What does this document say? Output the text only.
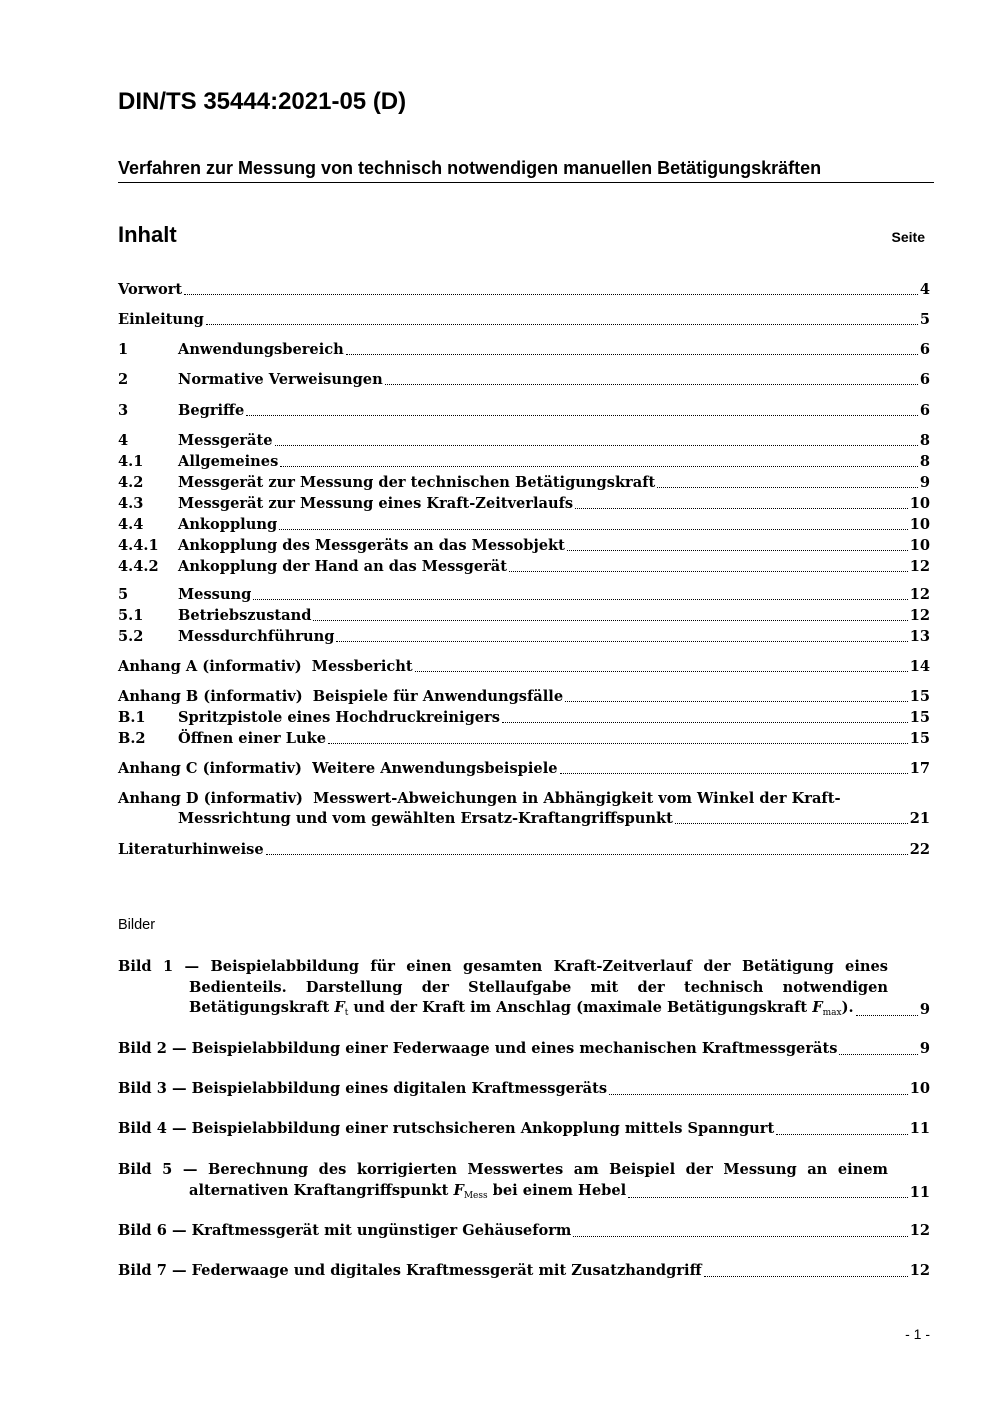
DIN/TS 35444:2021-05 (D)
Verfahren zur Messung von technisch notwendigen manuellen Betätigungskräften
Inhalt	Seite
Vorwort	4
Einleitung	5
1	Anwendungsbereich	6
2	Normative Verweisungen	6
3	Begriffe	6
4	Messgeräte	8
4.1	Allgemeines	8
4.2	Messgerät zur Messung der technischen Betätigungskraft	9
4.3	Messgerät zur Messung eines Kraft-Zeitverlaufs	10
4.4	Ankopplung	10
4.4.1	Ankopplung des Messgeräts an das Messobjekt	10
4.4.2	Ankopplung der Hand an das Messgerät	12
5	Messung	12
5.1	Betriebszustand	12
5.2	Messdurchführung	13
Anhang A (informativ)  Messbericht	14
Anhang B (informativ)  Beispiele für Anwendungsfälle	15
B.1	Spritzpistole eines Hochdruckreinigers	15
B.2	Öffnen einer Luke	15
Anhang C (informativ)  Weitere Anwendungsbeispiele	17
Anhang D (informativ)  Messwert-Abweichungen in Abhängigkeit vom Winkel der Kraft-
Messrichtung und vom gewählten Ersatz-Kraftangriffspunkt	21
Literaturhinweise	22
Bilder
Bild 1 — Beispielabbildung für einen gesamten Kraft-Zeitverlauf der Betätigung eines
Bedienteils. Darstellung der Stellaufgabe mit der technisch notwendigen
Betätigungskraft $F_t$ und der Kraft im Anschlag (maximale Betätigungskraft $F_{max}$).	9
Bild 2 — Beispielabbildung einer Federwaage und eines mechanischen Kraftmessgeräts	9
Bild 3 — Beispielabbildung eines digitalen Kraftmessgeräts	10
Bild 4 — Beispielabbildung einer rutschsicheren Ankopplung mittels Spanngurt	11
Bild 5 — Berechnung des korrigierten Messwertes am Beispiel der Messung an einem
alternativen Kraftangriffspunkt $F_{Mess}$ bei einem Hebel	11
Bild 6 — Kraftmessgerät mit ungünstiger Gehäuseform	12
Bild 7 — Federwaage und digitales Kraftmessgerät mit Zusatzhandgriff	12
- 1 -
